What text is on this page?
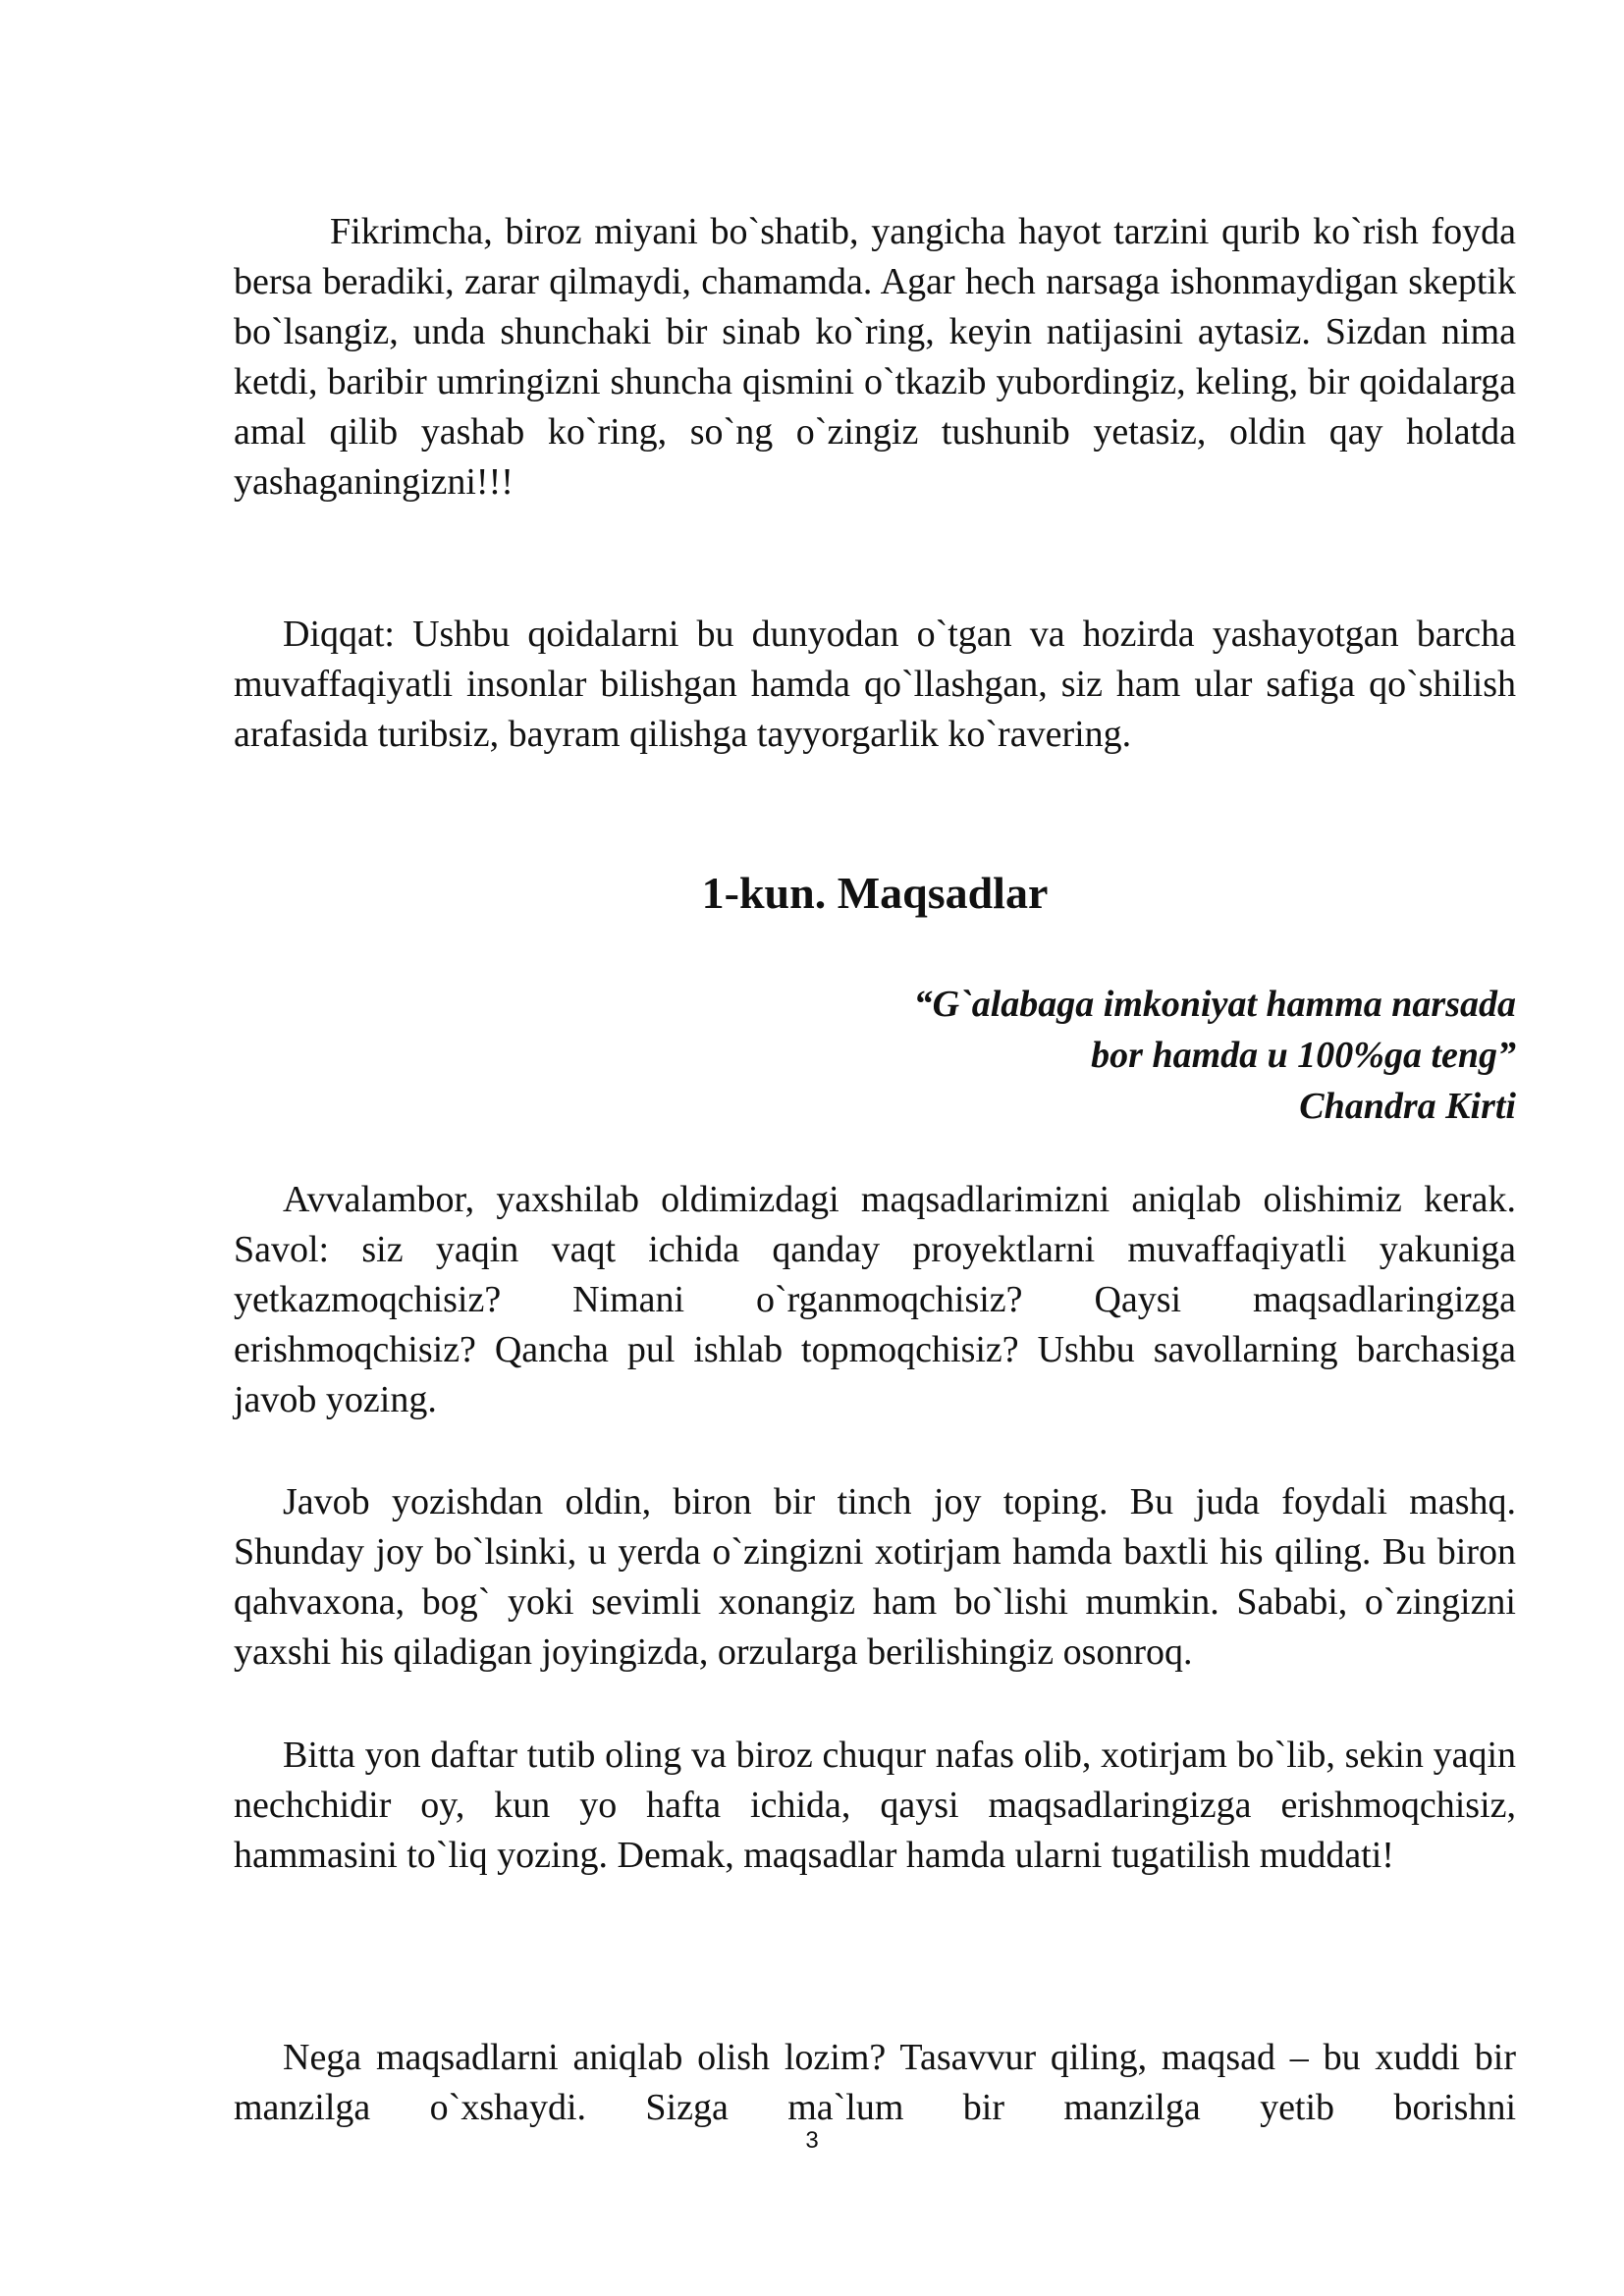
Fikrimcha, biroz miyani bo`shatib, yangicha hayot tarzini qurib ko`rish foyda bersa beradiki, zarar qilmaydi, chamamda. Agar hech narsaga ishonmaydigan skeptik bo`lsangiz, unda shunchaki bir sinab ko`ring, keyin natijasini aytasiz. Sizdan nima ketdi, baribir umringizni shuncha qismini o`tkazib yubordingiz, keling, bir qoidalarga amal qilib yashab ko`ring, so`ng o`zingiz tushunib yetasiz, oldin qay holatda yashaganingizni!!!

Diqqat: Ushbu qoidalarni bu dunyodan o`tgan va hozirda yashayotgan barcha muvaffaqiyatli insonlar bilishgan hamda qo`llashgan, siz ham ular safiga qo`shilish arafasida turibsiz, bayram qilishga tayyorgarlik ko`ravering.

1-kun. Maqsadlar
“G`alabaga imkoniyat hamma narsada
bor hamda u 100%ga teng”
Chandra Kirti

Avvalambor, yaxshilab oldimizdagi maqsadlarimizni aniqlab olishimiz kerak. Savol: siz yaqin vaqt ichida qanday proyektlarni muvaffaqiyatli yakuniga yetkazmoqchisiz? Nimani o`rganmoqchisiz? Qaysi maqsadlaringizga erishmoqchisiz? Qancha pul ishlab topmoqchisiz? Ushbu savollarning barchasiga javob yozing.

Javob yozishdan oldin, biron bir tinch joy toping. Bu juda foydali mashq. Shunday joy bo`lsinki, u yerda o`zingizni xotirjam hamda baxtli his qiling. Bu biron qahvaxona, bog` yoki sevimli xonangiz ham bo`lishi mumkin. Sababi, o`zingizni yaxshi his qiladigan joyingizda, orzularga berilishingiz osonroq.

Bitta yon daftar tutib oling va biroz chuqur nafas olib, xotirjam bo`lib, sekin yaqin nechchidir oy, kun yo hafta ichida, qaysi maqsadlaringizga erishmoqchisiz, hammasini to`liq yozing. Demak, maqsadlar hamda ularni tugatilish muddati!

Nega maqsadlarni aniqlab olish lozim? Tasavvur qiling, maqsad – bu xuddi bir manzilga o`xshaydi. Sizga ma`lum bir manzilga yetib borishni

3
